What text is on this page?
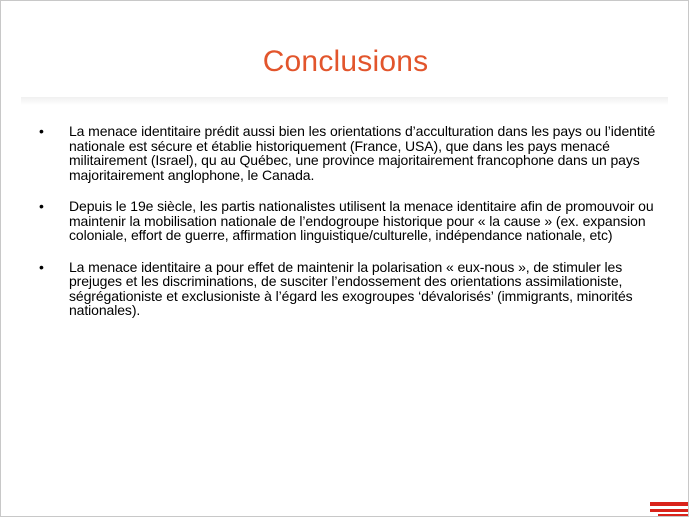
Conclusions
• La menace identitaire prédit aussi bien les orientations d’acculturation dans les pays ou l’identité nationale est sécure et établie historiquement (France, USA), que dans les pays menacé militairement (Israel), qu au Québec, une province majoritairement francophone dans un pays majoritairement anglophone, le Canada.
• Depuis le 19e siècle, les partis nationalistes utilisent la menace identitaire afin de promouvoir ou maintenir la mobilisation nationale de l’endogroupe historique pour « la cause » (ex. expansion coloniale, effort de guerre, affirmation linguistique/culturelle, indépendance nationale, etc)
• La menace identitaire a pour effet de maintenir la polarisation « eux-nous », de stimuler les prejuges et les discriminations, de susciter l’endossement des orientations assimilationiste, ségrégationiste et exclusioniste à l’égard les exogroupes ‘dévalorisés’ (immigrants, minorités nationales).
